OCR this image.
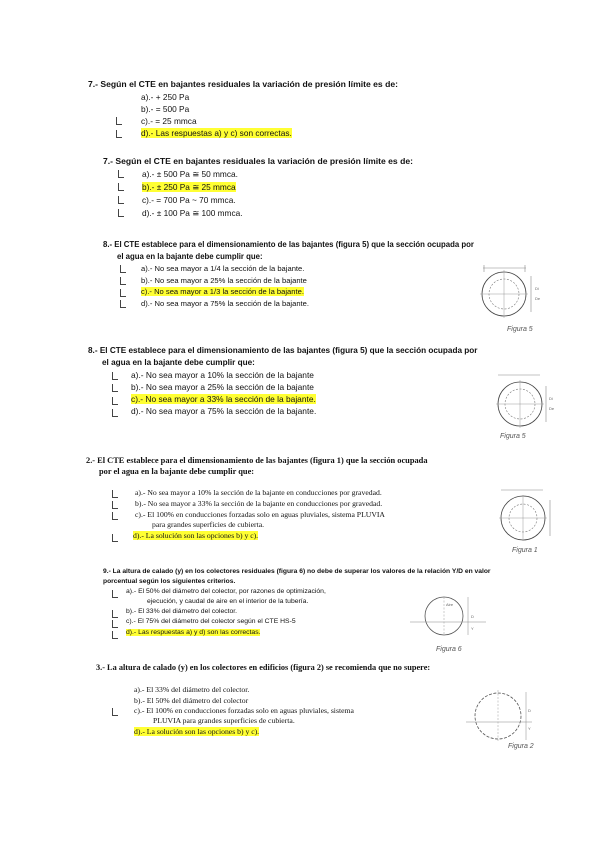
7.- Según el CTE en bajantes residuales la variación de presión límite es de:
a).- + 250 Pa
b).- = 500 Pa
c).- = 25 mmca
d).- Las respuestas a) y c) son correctas.
7.- Según el CTE en bajantes residuales la variación de presión límite es de:
a).- ± 500 Pa ≅ 50 mmca.
b).- ± 250 Pa ≅ 25 mmca
c).- = 700 Pa ~ 70 mmca.
d).- ± 100 Pa ≅ 100 mmca.
8.- El CTE establece para el dimensionamiento de las bajantes (figura 5) que la sección ocupada por
el agua en la bajante debe cumplir que:
a).- No sea mayor a 1/4 la sección de la bajante.
b).- No sea mayor a 25% la sección de la bajante
c).- No sea mayor a 1/3 la sección de la bajante.
d).- No sea mayor a 75% la sección de la bajante.
Di
De
Figura 5
8.- El CTE establece para el dimensionamiento de las bajantes (figura 5) que la sección ocupada por
el agua en la bajante debe cumplir que:
a).- No sea mayor a 10% la sección de la bajante
b).- No sea mayor a 25% la sección de la bajante
c).- No sea mayor a 33% la sección de la bajante.
d).- No sea mayor a 75% la sección de la bajante.
Di
De
Figura 5
2.- El CTE establece para el dimensionamiento de las bajantes (figura 1) que la sección ocupada
por el agua en la bajante debe cumplir que:
a).- No sea mayor a 10% la sección de la bajante en conducciones por gravedad.
b).- No sea mayor a 33% la sección de la bajante en conducciones por gravedad.
c).- El 100% en conducciones forzadas solo en aguas pluviales, sistema PLUVIA
para grandes superficies de cubierta.
d).- La solución son las opciones b) y c).
Figura 1
9.- La altura de calado (y) en los colectores residuales (figura 6) no debe de superar los valores de la relación Y/D en valor
porcentual según los siguientes criterios.
a).- El 50% del diámetro del colector, por razones de optimización,
ejecución, y caudal de aire en el interior de la tubería.
b).- El 33% del diámetro del colector.
c).- El 75% del diámetro del colector según el CTE HS-5
d).- Las respuestas a) y d) son las correctas.
Aire
D
Y
Figura 6
3.- La altura de calado (y) en los colectores en edificios (figura 2) se recomienda que no supere:
a).- El 33% del diámetro del colector.
b).- El 50% del diámetro del colector
c).- El 100% en conducciones forzadas solo en aguas pluviales, sistema
PLUVIA para grandes superficies de cubierta.
d).- La solución son las opciones b) y c).
D
Y
Figura 2
